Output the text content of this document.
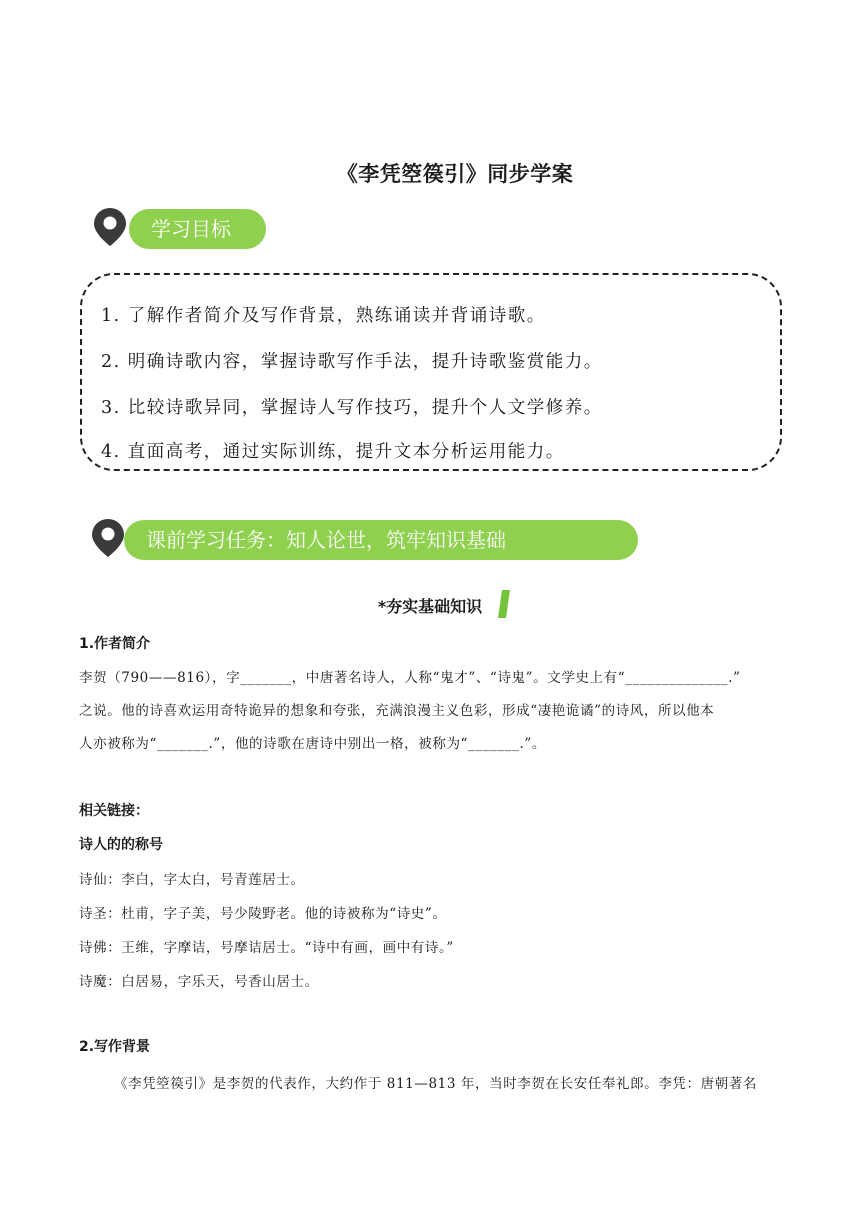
《李凭箜篌引》同步学案
学习目标
1. 了解作者简介及写作背景，熟练诵读并背诵诗歌。
2. 明确诗歌内容，掌握诗歌写作手法，提升诗歌鉴赏能力。
3. 比较诗歌异同，掌握诗人写作技巧，提升个人文学修养。
4. 直面高考，通过实际训练，提升文本分析运用能力。
课前学习任务：知人论世，筑牢知识基础
*夯实基础知识
1.作者简介
李贺（790——816），字_______，中唐著名诗人，人称“鬼才”、“诗鬼”。文学史上有“______________.”
之说。他的诗喜欢运用奇特诡异的想象和夸张，充满浪漫主义色彩，形成“凄艳诡谲”的诗风，所以他本
人亦被称为“_______.”，他的诗歌在唐诗中别出一格，被称为“_______.”。
相关链接：
诗人的的称号
诗仙：李白，字太白，号青莲居士。
诗圣：杜甫，字子美，号少陵野老。他的诗被称为“诗史”。
诗佛：王维，字摩诘，号摩诘居士。“诗中有画，画中有诗。”
诗魔：白居易，字乐天，号香山居士。
2.写作背景
《李凭箜篌引》是李贺的代表作，大约作于 811—813 年，当时李贺在长安任奉礼郎。李凭：唐朝著名
